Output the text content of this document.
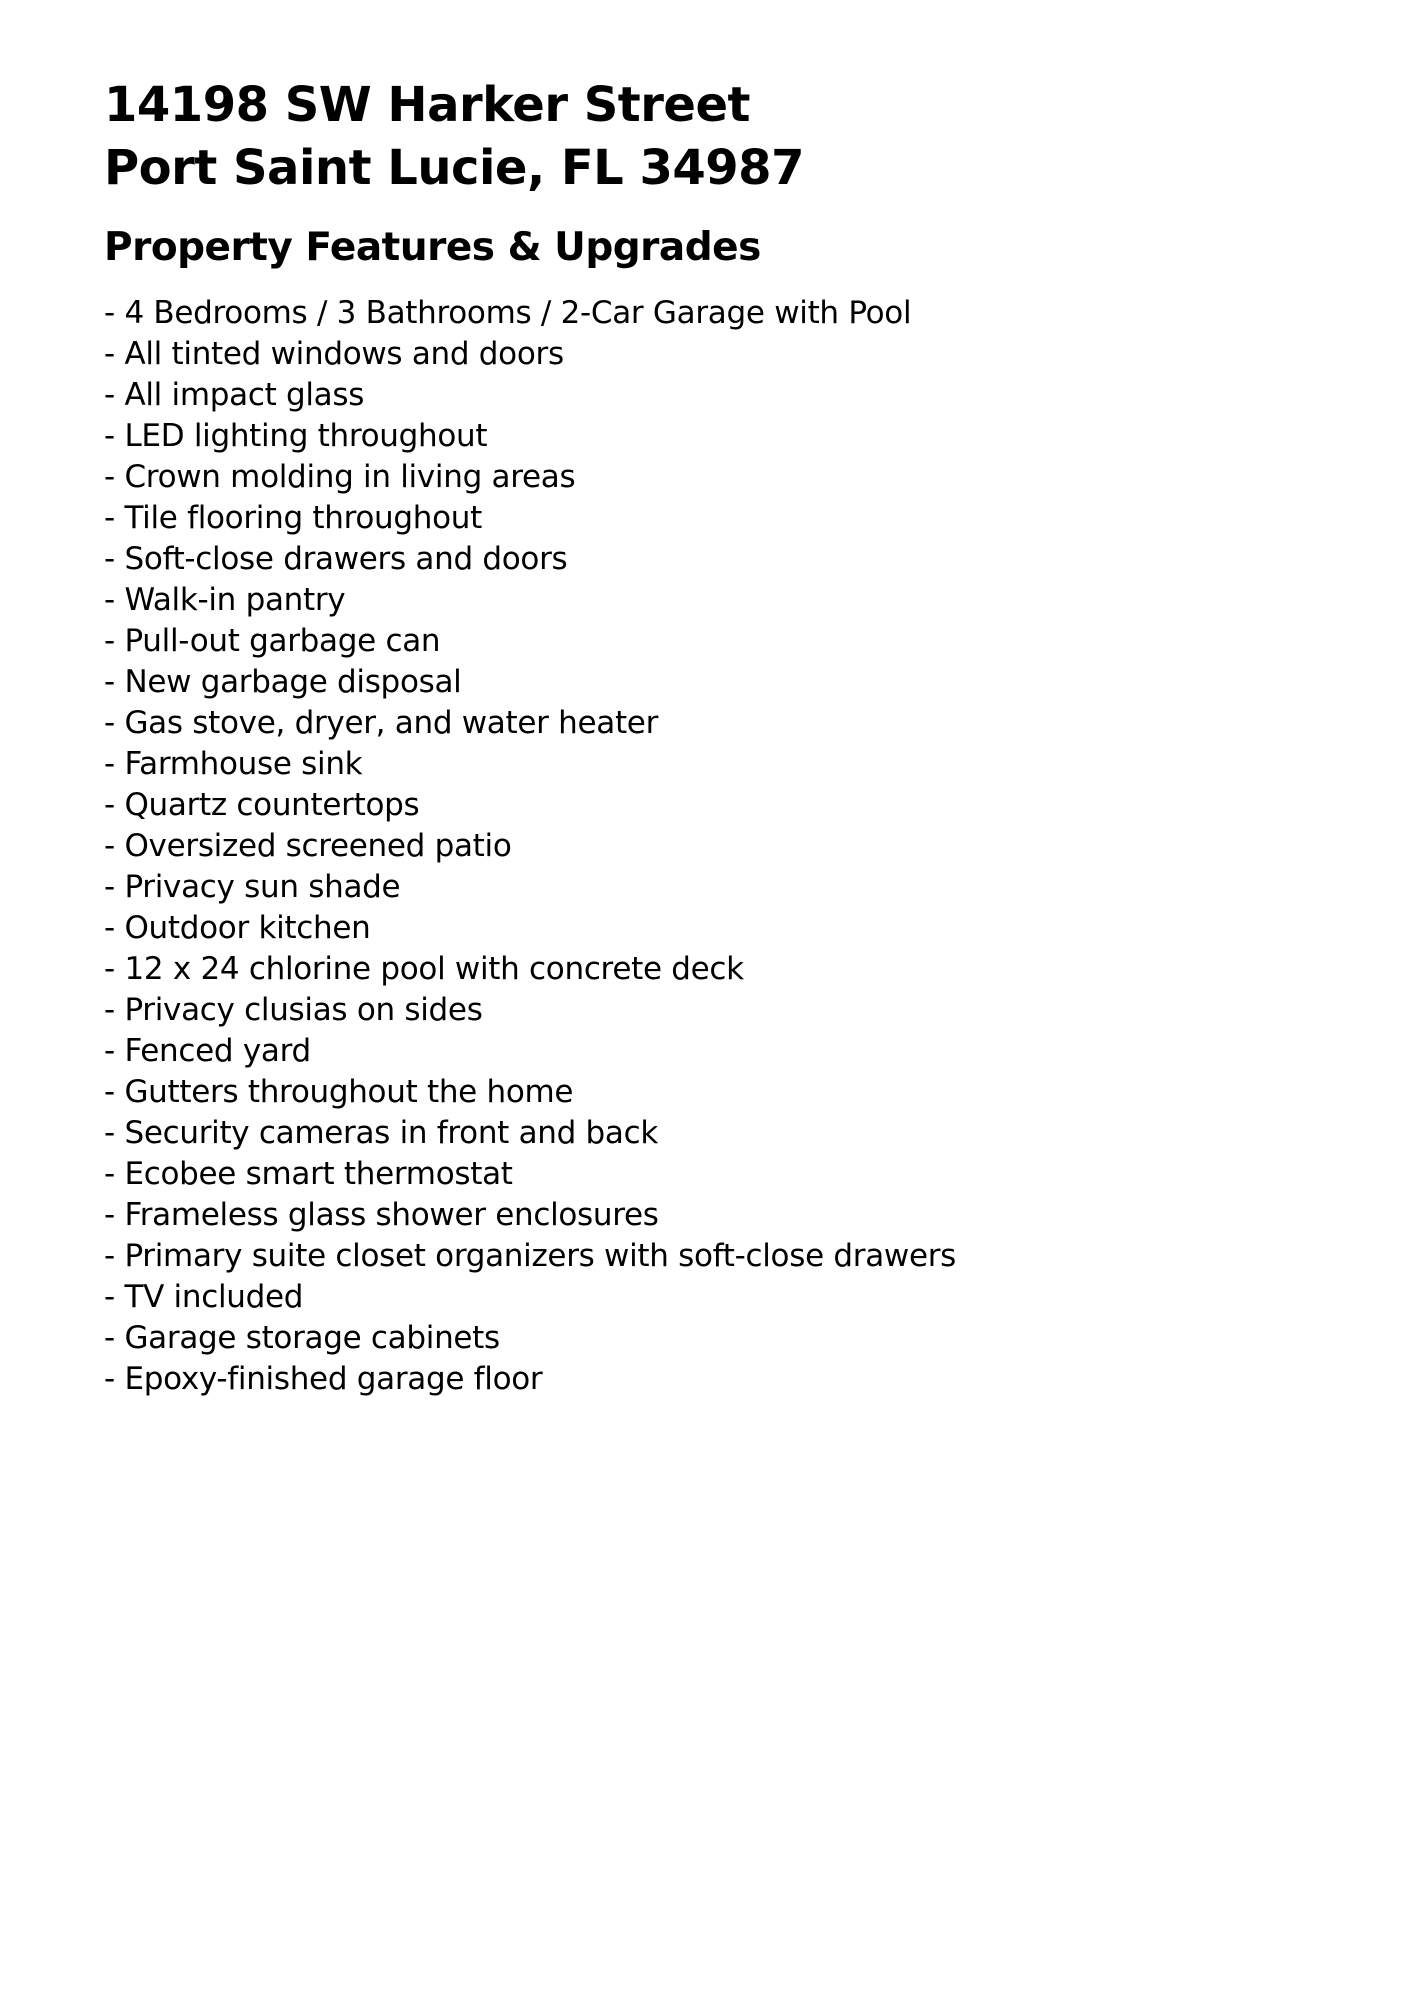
14198 SW Harker Street
Port Saint Lucie, FL 34987
Property Features & Upgrades
- 4 Bedrooms / 3 Bathrooms / 2-Car Garage with Pool
- All tinted windows and doors
- All impact glass
- LED lighting throughout
- Crown molding in living areas
- Tile flooring throughout
- Soft-close drawers and doors
- Walk-in pantry
- Pull-out garbage can
- New garbage disposal
- Gas stove, dryer, and water heater
- Farmhouse sink
- Quartz countertops
- Oversized screened patio
- Privacy sun shade
- Outdoor kitchen
- 12 x 24 chlorine pool with concrete deck
- Privacy clusias on sides
- Fenced yard
- Gutters throughout the home
- Security cameras in front and back
- Ecobee smart thermostat
- Frameless glass shower enclosures
- Primary suite closet organizers with soft-close drawers
- TV included
- Garage storage cabinets
- Epoxy-finished garage floor
